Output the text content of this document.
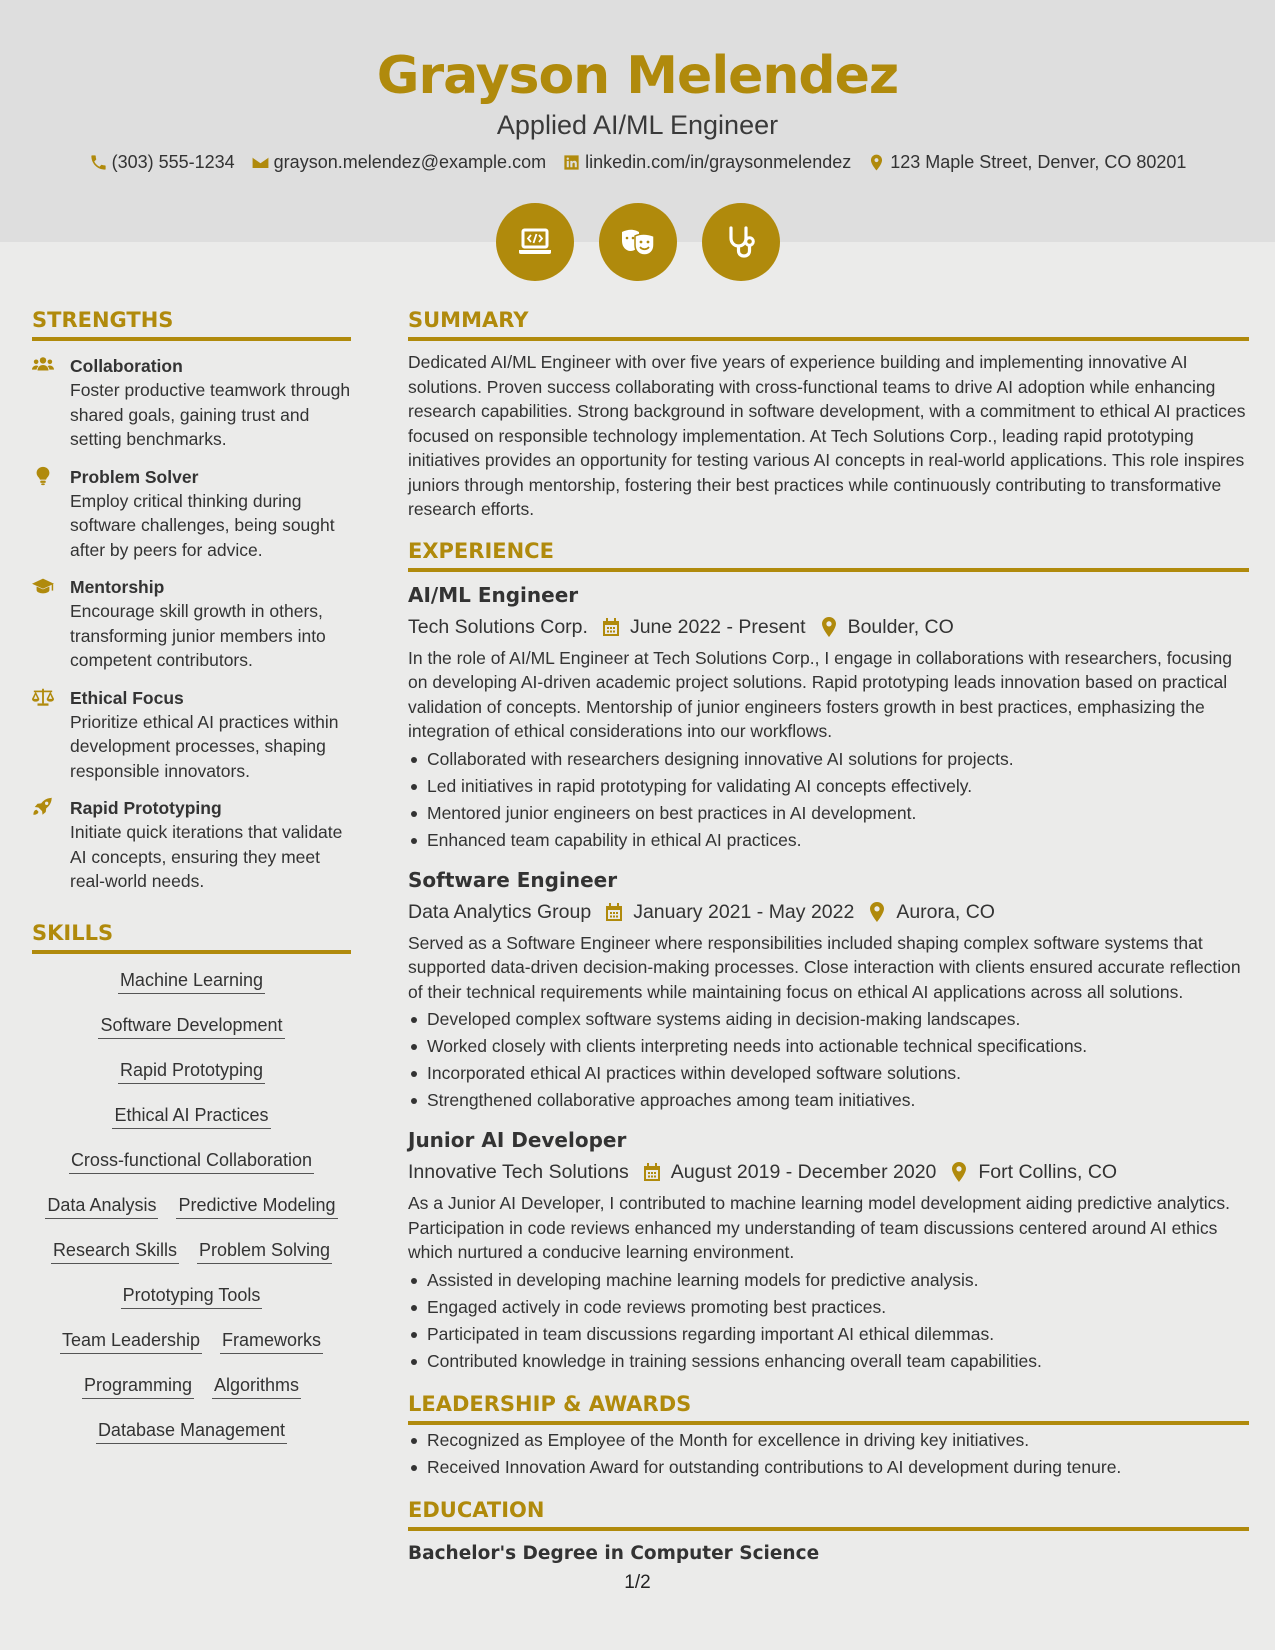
Grayson Melendez
Applied AI/ML Engineer
(303) 555-1234 grayson.melendez@example.com linkedin.com/in/graysonmelendez 123 Maple Street, Denver, CO 80201
STRENGTHS
Collaboration
Foster productive teamwork through shared goals, gaining trust and setting benchmarks.
Problem Solver
Employ critical thinking during software challenges, being sought after by peers for advice.
Mentorship
Encourage skill growth in others, transforming junior members into competent contributors.
Ethical Focus
Prioritize ethical AI practices within development processes, shaping responsible innovators.
Rapid Prototyping
Initiate quick iterations that validate AI concepts, ensuring they meet real-world needs.
SKILLS
Machine Learning
Software Development
Rapid Prototyping
Ethical AI Practices
Cross-functional Collaboration
Data Analysis Predictive Modeling
Research Skills Problem Solving
Prototyping Tools
Team Leadership Frameworks
Programming Algorithms
Database Management
SUMMARY
Dedicated AI/ML Engineer with over five years of experience building and implementing innovative AI solutions. Proven success collaborating with cross-functional teams to drive AI adoption while enhancing research capabilities. Strong background in software development, with a commitment to ethical AI practices focused on responsible technology implementation. At Tech Solutions Corp., leading rapid prototyping initiatives provides an opportunity for testing various AI concepts in real-world applications. This role inspires juniors through mentorship, fostering their best practices while continuously contributing to transformative research efforts.
EXPERIENCE
AI/ML Engineer
Tech Solutions Corp. June 2022 - Present Boulder, CO
In the role of AI/ML Engineer at Tech Solutions Corp., I engage in collaborations with researchers, focusing on developing AI-driven academic project solutions. Rapid prototyping leads innovation based on practical validation of concepts. Mentorship of junior engineers fosters growth in best practices, emphasizing the integration of ethical considerations into our workflows.
Collaborated with researchers designing innovative AI solutions for projects.
Led initiatives in rapid prototyping for validating AI concepts effectively.
Mentored junior engineers on best practices in AI development.
Enhanced team capability in ethical AI practices.
Software Engineer
Data Analytics Group January 2021 - May 2022 Aurora, CO
Served as a Software Engineer where responsibilities included shaping complex software systems that supported data-driven decision-making processes. Close interaction with clients ensured accurate reflection of their technical requirements while maintaining focus on ethical AI applications across all solutions.
Developed complex software systems aiding in decision-making landscapes.
Worked closely with clients interpreting needs into actionable technical specifications.
Incorporated ethical AI practices within developed software solutions.
Strengthened collaborative approaches among team initiatives.
Junior AI Developer
Innovative Tech Solutions August 2019 - December 2020 Fort Collins, CO
As a Junior AI Developer, I contributed to machine learning model development aiding predictive analytics. Participation in code reviews enhanced my understanding of team discussions centered around AI ethics which nurtured a conducive learning environment.
Assisted in developing machine learning models for predictive analysis.
Engaged actively in code reviews promoting best practices.
Participated in team discussions regarding important AI ethical dilemmas.
Contributed knowledge in training sessions enhancing overall team capabilities.
LEADERSHIP & AWARDS
Recognized as Employee of the Month for excellence in driving key initiatives.
Received Innovation Award for outstanding contributions to AI development during tenure.
EDUCATION
Bachelor's Degree in Computer Science
1/2
